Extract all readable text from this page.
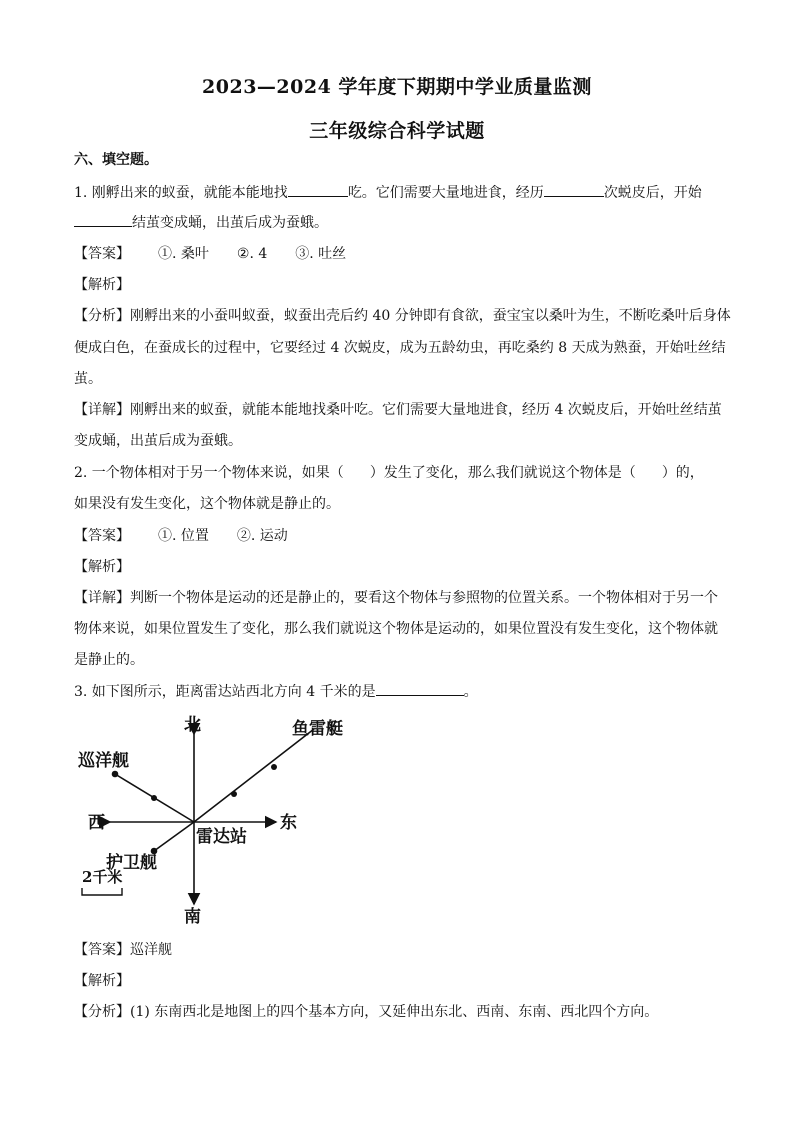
2023—2024 学年度下期期中学业质量监测
三年级综合科学试题
六、填空题。
1. 刚孵出来的蚁蚕，就能本能地找	吃。它们需要大量地进食，经历	次蜕皮后，开始
结茧变成蛹，出茧后成为蚕蛾。
【答案】 ①. 桑叶 ②. 4 ③. 吐丝
【解析】
【分析】刚孵出来的小蚕叫蚁蚕，蚁蚕出壳后约 40 分钟即有食欲，蚕宝宝以桑叶为生，不断吃桑叶后身体
便成白色，在蚕成长的过程中，它要经过 4 次蜕皮，成为五龄幼虫，再吃桑约 8 天成为熟蚕，开始吐丝结
茧。
【详解】刚孵出来的蚁蚕，就能本能地找桑叶吃。它们需要大量地进食，经历 4 次蜕皮后，开始吐丝结茧
变成蛹，出茧后成为蚕蛾。
2. 一个物体相对于另一个物体来说，如果（ ）发生了变化，那么我们就说这个物体是（ ）的，
如果没有发生变化，这个物体就是静止的。
【答案】 ①. 位置 ②. 运动
【解析】
【详解】判断一个物体是运动的还是静止的，要看这个物体与参照物的位置关系。一个物体相对于另一个
物体来说，如果位置发生了变化，那么我们就说这个物体是运动的，如果位置没有发生变化，这个物体就
是静止的。
3. 如下图所示，距离雷达站西北方向 4 千米的是	。
北
南
西	东
雷达站
巡洋舰
鱼雷艇
护卫舰
2千米
【答案】巡洋舰
【解析】
【分析】(1) 东南西北是地图上的四个基本方向，又延伸出东北、西南、东南、西北四个方向。
